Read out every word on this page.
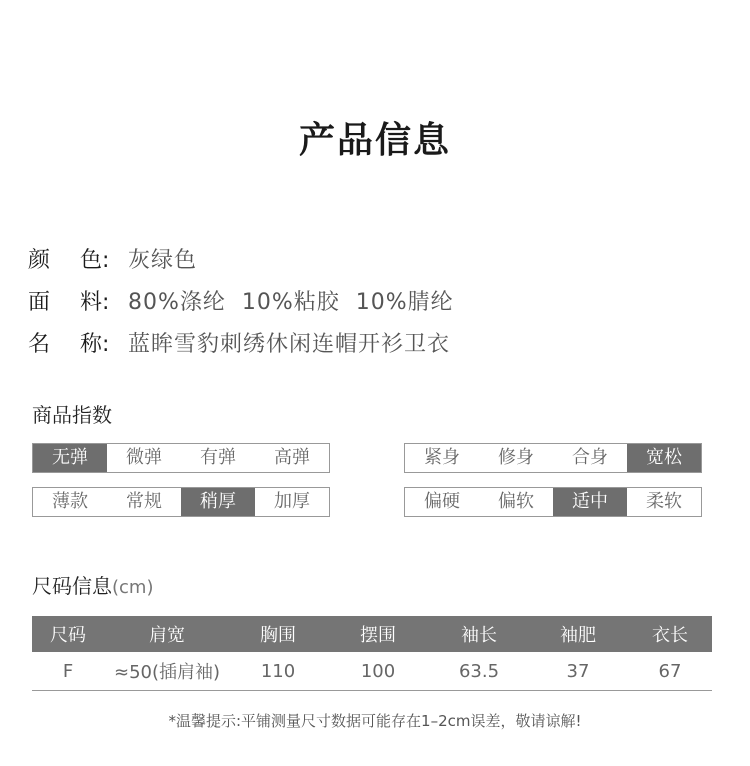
产品信息
颜 色: 灰绿色
面 料: 80%涤纶  10%粘胶  10%腈纶
名 称: 蓝眸雪豹刺绣休闲连帽开衫卫衣
商品指数
无弹	微弹	有弹	高弹	紧身	修身	合身	宽松
薄款	常规	稍厚	加厚	偏硬	偏软	适中	柔软
尺码信息(cm)
尺码	肩宽	胸围	摆围	袖长	袖肥	衣长
F	≈50(插肩袖)	110	100	63.5	37	67
*温馨提示:平铺测量尺寸数据可能存在1–2cm误差，敬请谅解!
